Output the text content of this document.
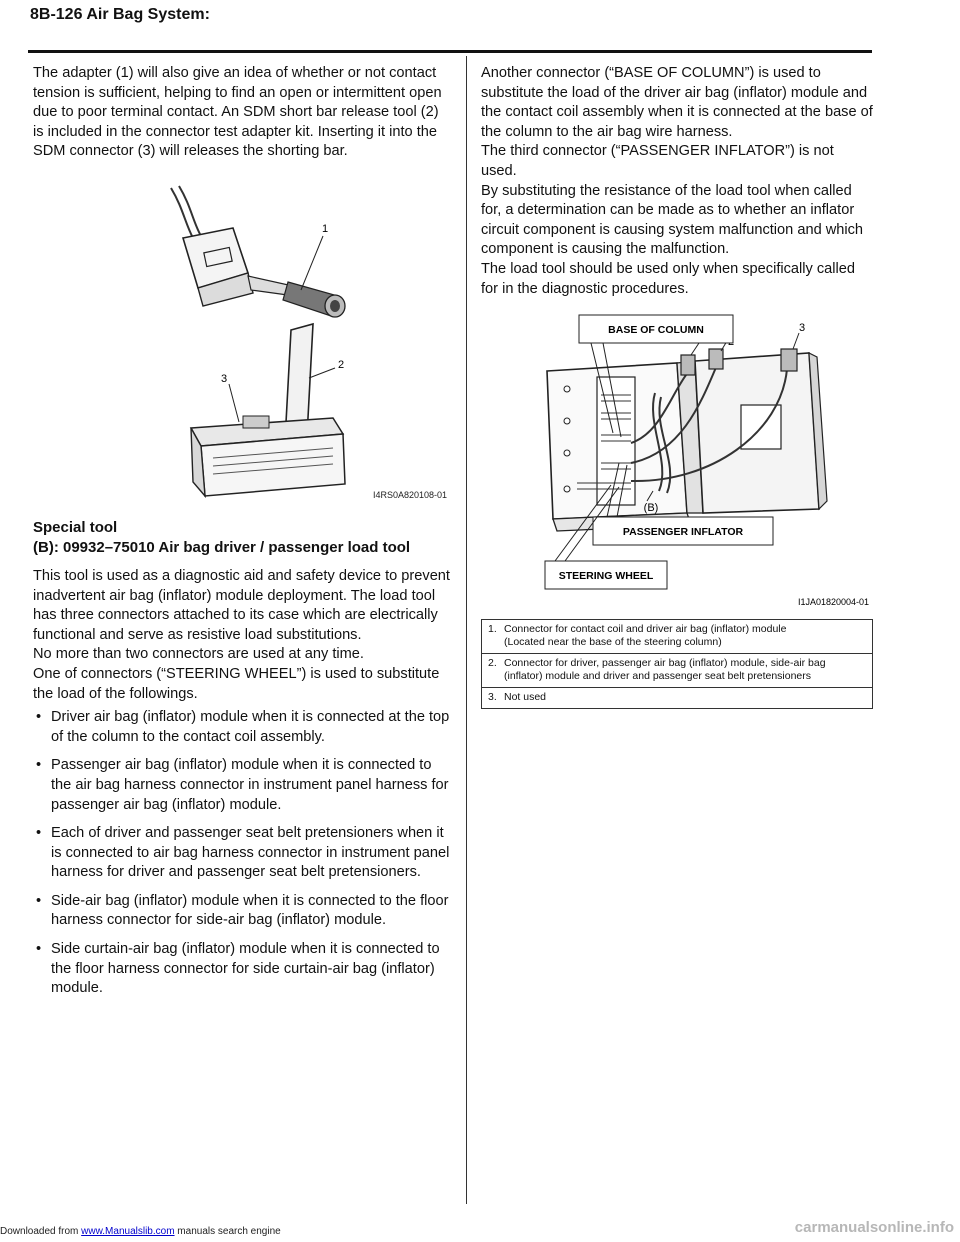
8B-126 Air Bag System:

The adapter (1) will also give an idea of whether or not contact tension is sufficient, helping to find an open or intermittent open due to poor terminal contact. An SDM short bar release tool (2) is included in the connector test adapter kit. Inserting it into the SDM connector (3) will releases the shorting bar.

1
2
3
I4RS0A820108-01
Special tool
(B): 09932–75010 Air bag driver / passenger load tool

This tool is used as a diagnostic aid and safety device to prevent inadvertent air bag (inflator) module deployment. The load tool has three connectors attached to its case which are electrically functional and serve as resistive load substitutions.

No more than two connectors are used at any time.

One of connectors (“STEERING WHEEL”) is used to substitute the load of the followings.

• Driver air bag (inflator) module when it is connected at the top of the column to the contact coil assembly.
• Passenger air bag (inflator) module when it is connected to the air bag harness connector in instrument panel harness for passenger air bag (inflator) module.
• Each of driver and passenger seat belt pretensioners when it is connected to air bag harness connector in instrument panel harness for driver and passenger seat belt pretensioners.
• Side-air bag (inflator) module when it is connected to the floor harness connector for side-air bag (inflator) module.
• Side curtain-air bag (inflator) module when it is connected to the floor harness connector for side curtain-air bag (inflator) module.

Another connector (“BASE OF COLUMN”) is used to substitute the load of the driver air bag (inflator) module and the contact coil assembly when it is connected at the base of the column to the air bag wire harness.

The third connector (“PASSENGER INFLATOR”) is not used.

By substituting the resistance of the load tool when called for, a determination can be made as to whether an inflator circuit component is causing system malfunction and which component is causing the malfunction.

The load tool should be used only when specifically called for in the diagnostic procedures.

3
BASE OF COLUMN
(B)
PASSENGER INFLATOR
STEERING WHEEL
I1JA01820004-01
1. Connector for contact coil and driver air bag (inflator) module
(Located near the base of the steering column)
2. Connector for driver, passenger air bag (inflator) module, side-air bag
(inflator) module and driver and passenger seat belt pretensioners
3. Not used
Downloaded from www.Manualslib.com manuals search engine	carmanualsonline.info
